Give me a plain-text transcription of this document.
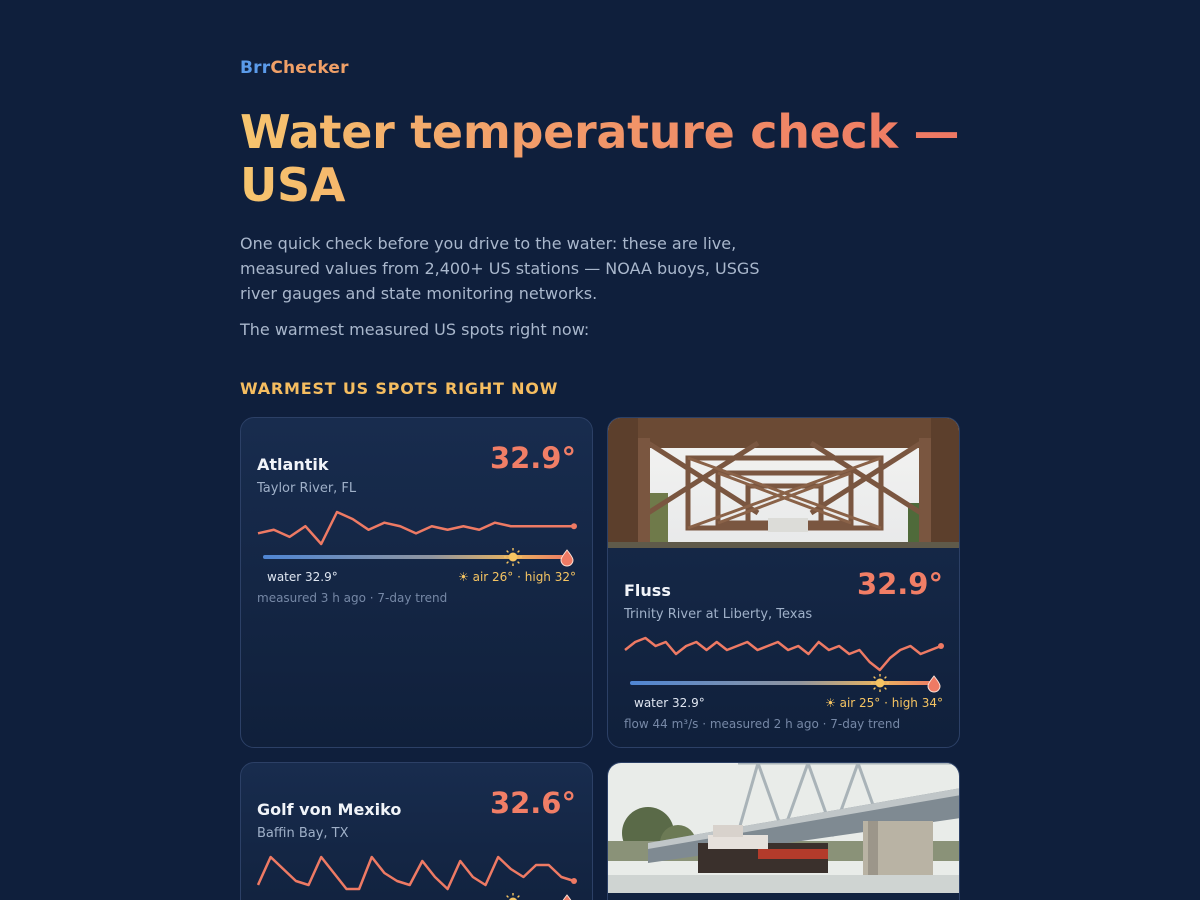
BrrChecker
Water temperature check — USA
One quick check before you drive to the water: these are live, measured values from 2,400+ US stations — NOAA buoys, USGS river gauges and state monitoring networks.
The warmest measured US spots right now:
WARMEST US SPOTS RIGHT NOW
Atlantik
Taylor River, FL
32.9°
water 32.9°	☀ air 26° · high 32°
measured 3 h ago · 7-day trend	Fluss
Trinity River at Liberty, Texas
32.9°
water 32.9°	☀ air 25° · high 34°
flow 44 m³/s · measured 2 h ago · 7-day trend
Golf von Mexiko
Baffin Bay, TX
32.6°
